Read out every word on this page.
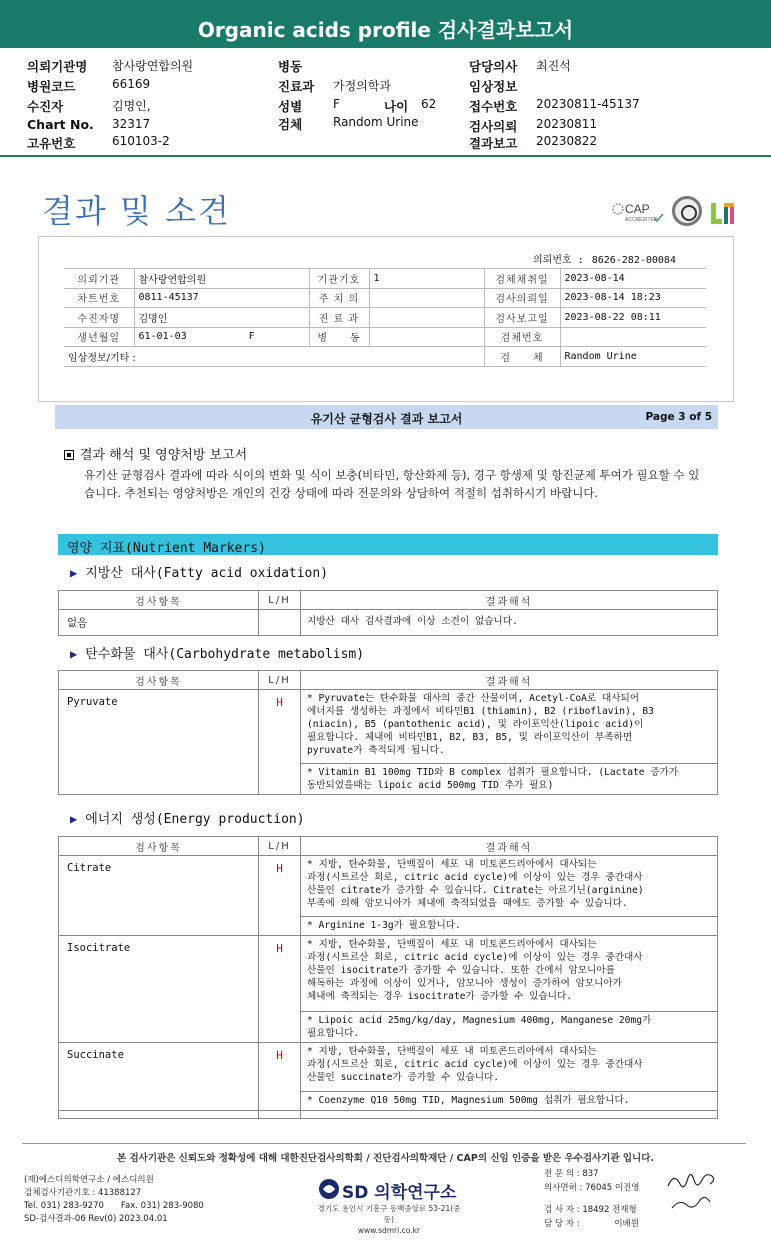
Organic acids profile 검사결과보고서
의뢰기관명 참사랑연합의원
병원코드	66169
수진자	김명인,
Chart No. 32317
고유번호	610103-2
병동
진료과 가정의학과
성별	F	나이 62
검체	Random Urine
담당의사 최진석
임상정보
접수번호 20230811-45137
검사의뢰 20230811
결과보고 20230822
결과 및 소견	CAP
ACCREDITED
의뢰번호 : 8626-282-00084
의뢰기관	참사랑연합의원	기관기호	1	검체채취일	2023-08-14
차트번호	0811-45137	주 치 의		검사의뢰일	2023-08-14 18:23
수진자명	김명인	진 료 과		검사보고일	2023-08-22 08:11
생년월일	61-01-03 F	병　　동		검체번호	
임상정보/기타 :				검　　체	Random Urine
유기산 균형검사 결과 보고서	Page 3 of 5
결과 해석 및 영양처방 보고서
유기산 균형검사 결과에 따라 식이의 변화 및 식이 보충(비타민, 항산화제 등), 경구 항생제 및 항진균제 투여가 필요할 수 있습니다. 추천되는 영양처방은 개인의 건강 상태에 따라 전문의와 상담하여 적절히 섭취하시기 바랍니다.
영양 지표(Nutrient Markers)
▶ 지방산 대사(Fatty acid oxidation)
검사항목	L/H	결과해석
없음		지방산 대사 검사결과에 이상 소견이 없습니다.
▶ 탄수화물 대사(Carbohydrate metabolism)
검사항목	L/H	결과해석
Pyruvate	H	* Pyruvate는 탄수화물 대사의 중간 산물이며, Acetyl-CoA로 대사되어
에너지를 생성하는 과정에서 비타민B1 (thiamin), B2 (riboflavin), B3
(niacin), B5 (pantothenic acid), 및 라이포익산(lipoic acid)이
필요합니다. 체내에 비타민B1, B2, B3, B5, 및 라이포익산이 부족하면
pyruvate가 축적되게 됩니다.
		* Vitamin B1 100mg TID와 B complex 섭취가 필요합니다. (Lactate 증가가
동반되었을때는 lipoic acid 500mg TID 추가 필요)
▶ 에너지 생성(Energy production)
검사항목	L/H	결과해석
Citrate	H	* 지방, 탄수화물, 단백질이 세포 내 미토콘드리아에서 대사되는
과정(시트르산 회로, citric acid cycle)에 이상이 있는 경우 중간대사
산물인 citrate가 증가할 수 있습니다. Citrate는 아르기닌(arginine)
부족에 의해 암모니아가 체내에 축적되었을 때에도 증가할 수 있습니다.
		* Arginine 1-3g가 필요합니다.
Isocitrate	H	* 지방, 탄수화물, 단백질이 세포 내 미토콘드리아에서 대사되는
과정(시트르산 회로, citric acid cycle)에 이상이 있는 경우 중간대사
산물인 isocitrate가 증가할 수 있습니다. 또한 간에서 암모니아를
해독하는 과정에 이상이 있거나, 암모니아 생성이 증가하여 암모니아가
체내에 축적되는 경우 isocitrate가 증가할 수 있습니다.
		* Lipoic acid 25mg/kg/day, Magnesium 400mg, Manganese 20mg가
필요합니다.
Succinate	H	* 지방, 탄수화물, 단백질이 세포 내 미토콘드리아에서 대사되는
과정(시트르산 회로, citric acid cycle)에 이상이 있는 경우 중간대사
산물인 succinate가 증가할 수 있습니다.
		* Coenzyme Q10 50mg TID, Magnesium 500mg 섭취가 필요합니다.

본 검사기관은 신뢰도와 정확성에 대해 대한진단검사의학회 / 진단검사의학재단 / CAP의 신임 인증을 받은 우수검사기관 입니다.
(재)에스디의학연구소 / 에스디의원
검체검사기관기호 : 41388127
Tel. 031) 283-9270　　Fax. 031) 283-9080
SD-검사결과-06 Rev(0) 2023.04.01
SD 의학연구소
경기도 용인시 기흥구 동백중앙로 53-21(중동)
www.sdmri.co.kr
전 문 의 : 837
의사면허 : 76045 이진영
검 사 자 : 18492 전재형
담 당 자 :	이배원
